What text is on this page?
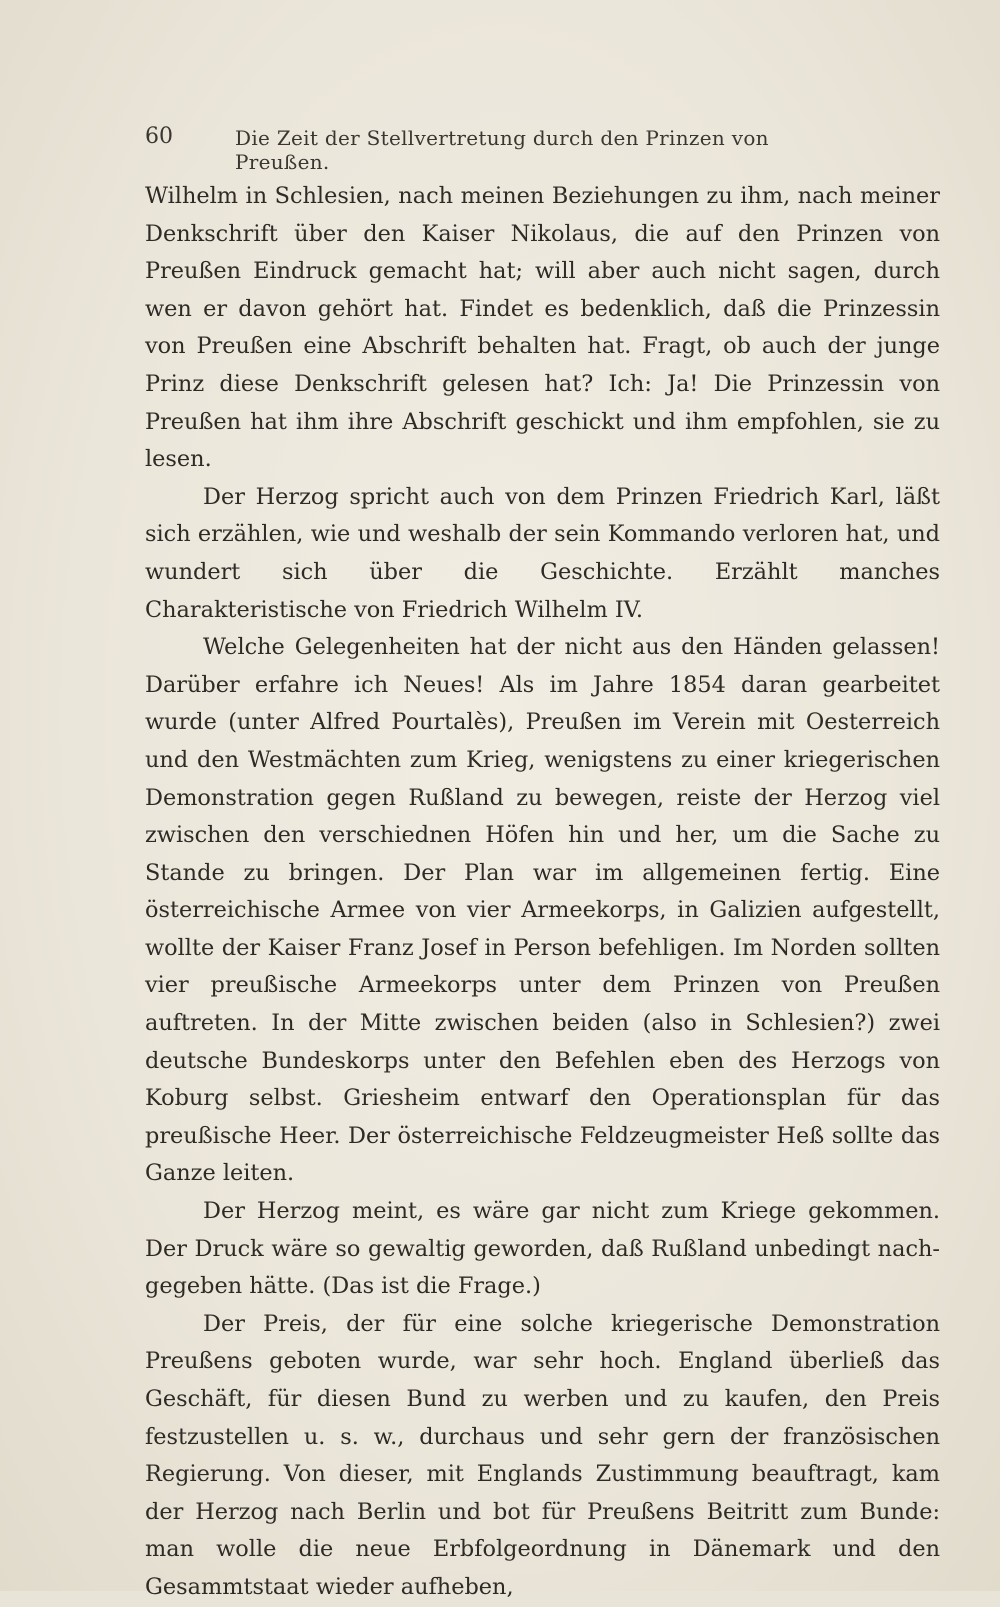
60	Die Zeit der Stellvertretung durch den Prinzen von Preußen.

Wilhelm in Schlesien, nach meinen Beziehungen zu ihm, nach meiner Denkschrift über den Kaiser Nikolaus, die auf den Prinzen von Preußen Eindruck gemacht hat; will aber auch nicht sagen, durch wen er davon gehört hat. Findet es bedenklich, daß die Prinzessin von Preußen eine Abschrift behalten hat. Fragt, ob auch der junge Prinz diese Denkschrift gelesen hat? Ich: Ja! Die Prinzessin von Preußen hat ihm ihre Abschrift geschickt und ihm empfohlen, sie zu lesen.

Der Herzog spricht auch von dem Prinzen Friedrich Karl, läßt sich erzählen, wie und weshalb der sein Kommando verloren hat, und wundert sich über die Geschichte. Erzählt manches Charakteristische von Friedrich Wilhelm IV.

Welche Gelegenheiten hat der nicht aus den Händen gelassen! Darüber erfahre ich Neues! Als im Jahre 1854 daran gearbeitet wurde (unter Alfred Pourtalès), Preußen im Verein mit Oesterreich und den Westmächten zum Krieg, wenigstens zu einer kriegerischen Demonstration gegen Rußland zu bewegen, reiste der Herzog viel zwischen den verschiednen Höfen hin und her, um die Sache zu Stande zu bringen. Der Plan war im allgemeinen fertig. Eine österreichische Armee von vier Armeekorps, in Galizien aufgestellt, wollte der Kaiser Franz Josef in Person befehligen. Im Norden sollten vier preußische Armeekorps unter dem Prinzen von Preußen auftreten. In der Mitte zwischen beiden (also in Schlesien?) zwei deutsche Bundeskorps unter den Befehlen eben des Herzogs von Koburg selbst. Griesheim entwarf den Operationsplan für das preußische Heer. Der österreichische Feldzeugmeister Heß sollte das Ganze leiten.

Der Herzog meint, es wäre gar nicht zum Kriege gekommen. Der Druck wäre so gewaltig geworden, daß Rußland unbedingt nachgegeben hätte. (Das ist die Frage.)

Der Preis, der für eine solche kriegerische Demonstration Preußens geboten wurde, war sehr hoch. England überließ das Geschäft, für diesen Bund zu werben und zu kaufen, den Preis festzustellen u. s. w., durchaus und sehr gern der französischen Regierung. Von dieser, mit Englands Zustimmung beauftragt, kam der Herzog nach Berlin und bot für Preußens Beitritt zum Bunde: man wolle die neue Erbfolgeordnung in Dänemark und den Gesammtstaat wieder aufheben,
